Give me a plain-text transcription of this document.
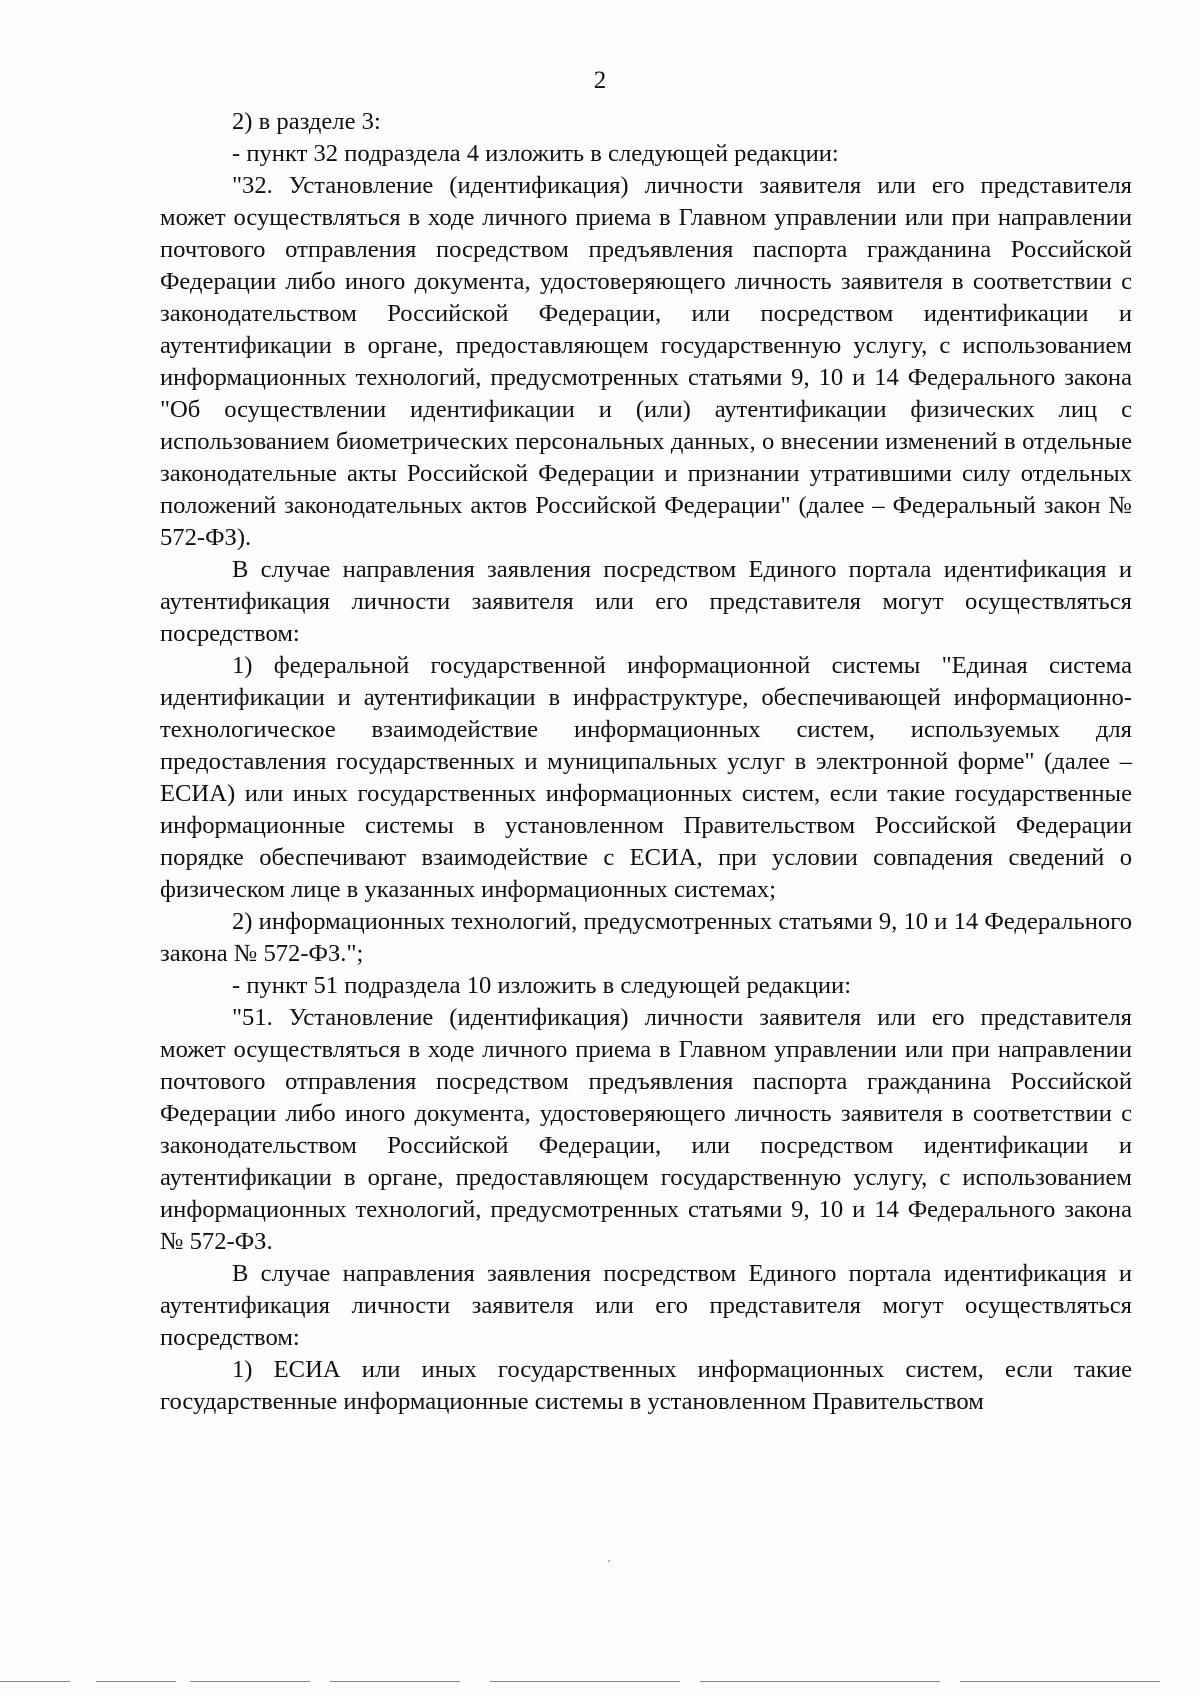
2

2) в разделе 3:

- пункт 32 подраздела 4 изложить в следующей редакции:

"32. Установление (идентификация) личности заявителя или его представителя может осуществляться в ходе личного приема в Главном управлении или при направлении почтового отправления посредством предъявления паспорта гражданина Российской Федерации либо иного документа, удостоверяющего личность заявителя в соответствии с законодательством Российской Федерации, или посредством идентификации и аутентификации в органе, предоставляющем государственную услугу, с использованием информационных технологий, предусмотренных статьями 9, 10 и 14 Федерального закона "Об осуществлении идентификации и (или) аутентификации физических лиц с использованием биометрических персональных данных, о внесении изменений в отдельные законодательные акты Российской Федерации и признании утратившими силу отдельных положений законодательных актов Российской Федерации" (далее – Федеральный закон № 572-ФЗ).

В случае направления заявления посредством Единого портала идентификация и аутентификация личности заявителя или его представителя могут осуществляться посредством:

1) федеральной государственной информационной системы "Единая система идентификации и аутентификации в инфраструктуре, обеспечивающей информационно-технологическое взаимодействие информационных систем, используемых для предоставления государственных и муниципальных услуг в электронной форме" (далее – ЕСИА) или иных государственных информационных систем, если такие государственные информационные системы в установленном Правительством Российской Федерации порядке обеспечивают взаимодействие с ЕСИА, при условии совпадения сведений о физическом лице в указанных информационных системах;

2) информационных технологий, предусмотренных статьями 9, 10 и 14 Федерального закона № 572-ФЗ.";

- пункт 51 подраздела 10 изложить в следующей редакции:

"51. Установление (идентификация) личности заявителя или его представителя может осуществляться в ходе личного приема в Главном управлении или при направлении почтового отправления посредством предъявления паспорта гражданина Российской Федерации либо иного документа, удостоверяющего личность заявителя в соответствии с законодательством Российской Федерации, или посредством идентификации и аутентификации в органе, предоставляющем государственную услугу, с использованием информационных технологий, предусмотренных статьями 9, 10 и 14 Федерального закона № 572-ФЗ.

В случае направления заявления посредством Единого портала идентификация и аутентификация личности заявителя или его представителя могут осуществляться посредством:

1) ЕСИА или иных государственных информационных систем, если такие государственные информационные системы в установленном Правительством
